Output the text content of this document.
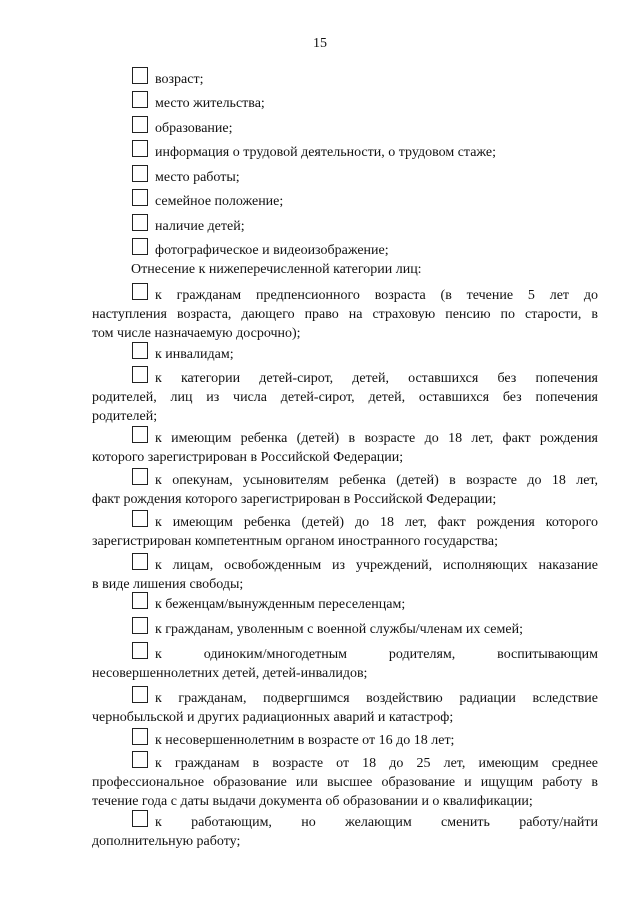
15
возраст;
место жительства;
образование;
информация о трудовой деятельности, о трудовом стаже;
место работы;
семейное положение;
наличие детей;
фотографическое и видеоизображение;
Отнесение к нижеперечисленной категории лиц:
к гражданам предпенсионного возраста (в течение 5 лет до
наступления возраста, дающего право на страховую пенсию по старости, в
том числе назначаемую досрочно);
к инвалидам;
к категории детей-сирот, детей, оставшихся без попечения
родителей, лиц из числа детей-сирот, детей, оставшихся без попечения
родителей;
к имеющим ребенка (детей) в возрасте до 18 лет, факт рождения
которого зарегистрирован в Российской Федерации;
к опекунам, усыновителям ребенка (детей) в возрасте до 18 лет,
факт рождения которого зарегистрирован в Российской Федерации;
к имеющим ребенка (детей) до 18 лет, факт рождения которого
зарегистрирован компетентным органом иностранного государства;
к лицам, освобожденным из учреждений, исполняющих наказание
в виде лишения свободы;
к беженцам/вынужденным переселенцам;
к гражданам, уволенным с военной службы/членам их семей;
к одиноким/многодетным родителям, воспитывающим
несовершеннолетних детей, детей-инвалидов;
к гражданам, подвергшимся воздействию радиации вследствие
чернобыльской и других радиационных аварий и катастроф;
к несовершеннолетним в возрасте от 16 до 18 лет;
к гражданам в возрасте от 18 до 25 лет, имеющим среднее
профессиональное образование или высшее образование и ищущим работу в
течение года с даты выдачи документа об образовании и о квалификации;
к работающим, но желающим сменить работу/найти
дополнительную работу;
